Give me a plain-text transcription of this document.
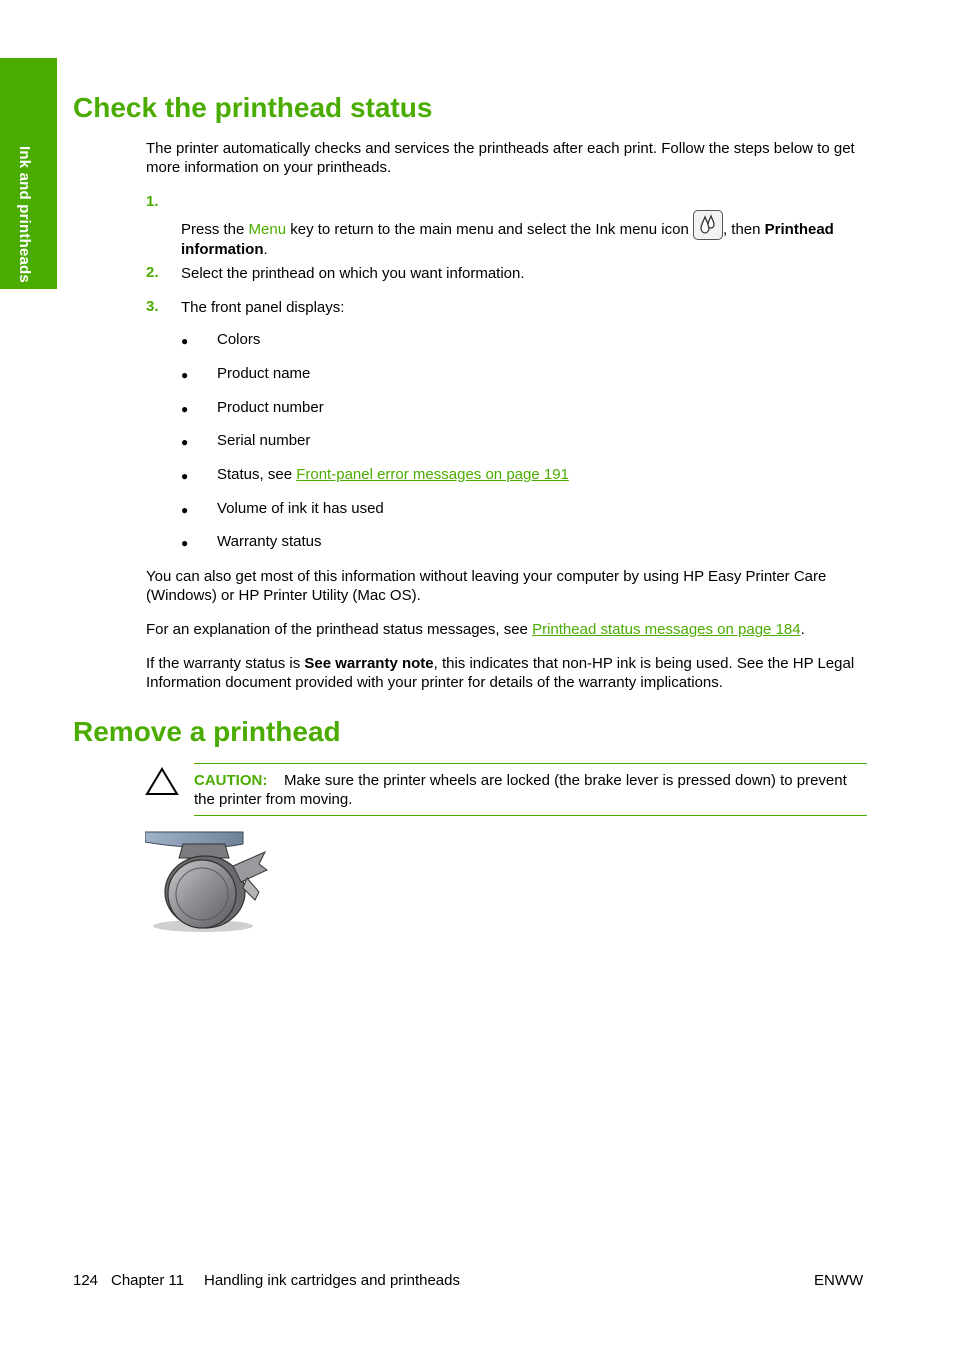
Ink and printheads
Check the printhead status

The printer automatically checks and services the printheads after each print. Follow the steps below to get more information on your printheads.

1.
Press the Menu key to return to the main menu and select the Ink menu icon
, then Printhead information.
2. Select the printhead on which you want information.
3. The front panel displays:
● Colors
● Product name
● Product number
● Serial number
● Status, see Front-panel error messages on page 191
● Volume of ink it has used
● Warranty status

You can also get most of this information without leaving your computer by using HP Easy Printer Care (Windows) or HP Printer Utility (Mac OS).

For an explanation of the printhead status messages, see Printhead status messages on page 184.

If the warranty status is See warranty note, this indicates that non-HP ink is being used. See the HP Legal Information document provided with your printer for details of the warranty implications.

Remove a printhead

CAUTION: Make sure the printer wheels are locked (the brake lever is pressed down) to prevent the printer from moving.

124 Chapter 11 Handling ink cartridges and printheads	ENWW
